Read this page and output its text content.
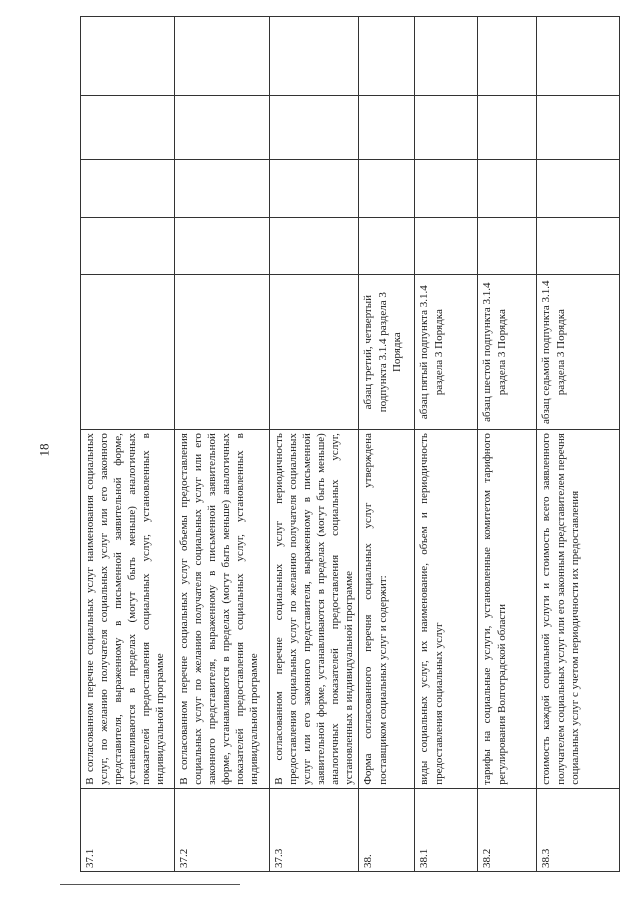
18
37.1	В согласованном перечне социальных услуг наименования социальных услуг, по желанию получателя социальных услуг или его законного представителя, выраженному в письменной заявительной форме, устанавливаются в пределах (могут быть меньше) аналогичных показателей предоставления социальных услуг, установленных в индивидуальной программе					
37.2	В согласованном перечне социальных услуг объемы предоставления социальных услуг по желанию получателя социальных услуг или его законного представителя, выраженному в письменной заявительной форме, устанавливаются в пределах (могут быть меньше) аналогичных показателей предоставления социальных услуг, установленных в индивидуальной программе					
37.3	В согласованном перечне социальных услуг периодичность предоставления социальных услуг по желанию получателя социальных услуг или его законного представителя, выраженному в письменной заявительной форме, устанавливаются в пределах (могут быть меньше) аналогичных показателей предоставления социальных услуг, установленных в индивидуальной программе					
38.	Форма согласованного перечня социальных услуг утверждена поставщиком социальных услуг и содержит:	абзац третий, четвертый подпункта 3.1.4 раздела 3 Порядка				
38.1	виды социальных услуг, их наименование, объем и периодичность предоставления социальных услуг	абзац пятый подпункта 3.1.4 раздела 3 Порядка				
38.2	тарифы на социальные услуги, установленные комитетом тарифного регулирования Волгоградской области	абзац шестой подпункта 3.1.4 раздела 3 Порядка				
38.3	стоимость каждой социальной услуги и стоимость всего заявленного получателем социальных услуг или его законным представителем перечня социальных услуг с учетом периодичности их предоставления	абзац седьмой подпункта 3.1.4 раздела 3 Порядка				
